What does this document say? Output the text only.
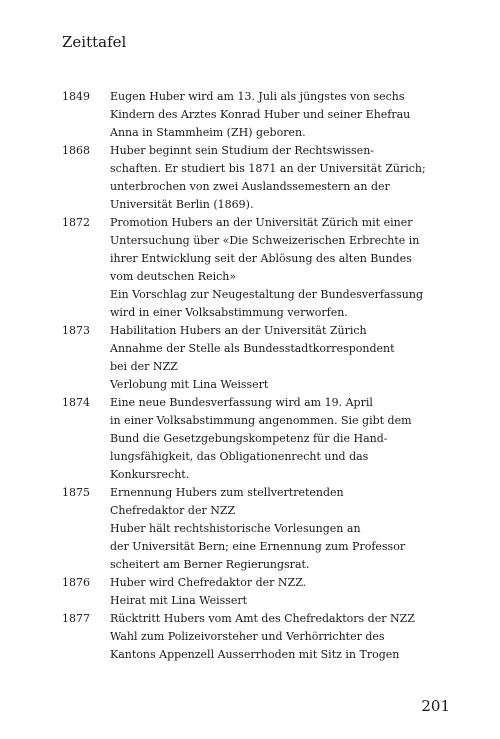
Zeittafel
1849	Eugen Huber wird am 13. Juli als jüngstes von sechs
Kindern des Arztes Konrad Huber und seiner Ehefrau
Anna in Stammheim (ZH) geboren.
1868	Huber beginnt sein Studium der Rechtswissen-
schaften. Er studiert bis 1871 an der Universität Zürich;
unterbrochen von zwei Auslandssemestern an der
Universität Berlin (1869).
1872	Promotion Hubers an der Universität Zürich mit einer
Untersuchung über «Die Schweizerischen Erbrechte in
ihrer Entwicklung seit der Ablösung des alten Bundes
vom deutschen Reich»
Ein Vorschlag zur Neugestaltung der Bundesverfassung
wird in einer Volksabstimmung verworfen.
1873	Habilitation Hubers an der Universität Zürich
Annahme der Stelle als Bundesstadtkorrespondent
bei der NZZ
Verlobung mit Lina Weissert
1874	Eine neue Bundesverfassung wird am 19. April
in einer Volksabstimmung angenommen. Sie gibt dem
Bund die Gesetzgebungskompetenz für die Hand-
lungsfähigkeit, das Obligationenrecht und das
Konkursrecht.
1875	Ernennung Hubers zum stellvertretenden
Chefredaktor der NZZ
Huber hält rechtshistorische Vorlesungen an
der Universität Bern; eine Ernennung zum Professor
scheitert am Berner Regierungsrat.
1876	Huber wird Chefredaktor der NZZ.
Heirat mit Lina Weissert
1877	Rücktritt Hubers vom Amt des Chefredaktors der NZZ
Wahl zum Polizeivorsteher und Verhörrichter des
Kantons Appenzell Ausserrhoden mit Sitz in Trogen
201
